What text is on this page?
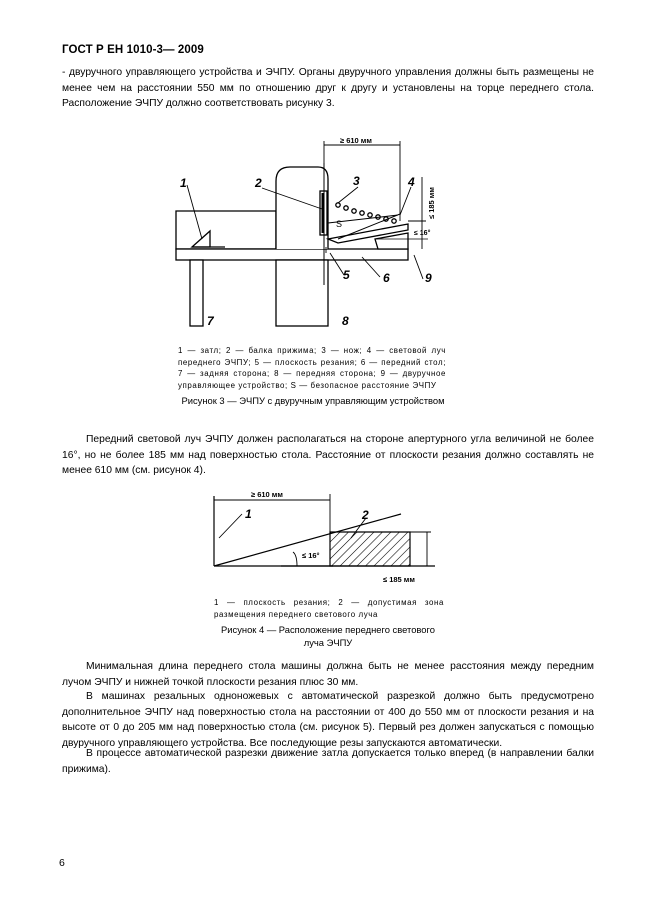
ГОСТ Р ЕН 1010-3— 2009
- двуручного управляющего устройства и ЭЧПУ. Органы двуручного управления должны быть размещены не менее чем на расстоянии 550 мм по отношению друг к другу и установлены на торце переднего стола. Расположение ЭЧПУ должно соответствовать рисунку 3.
1	2	3	4
5	6
7	8
9
S
≥ 610 мм
≤ 185 мм
≤ 16°
1 — затл; 2 — балка прижима; 3 — нож; 4 — световой луч переднего ЭЧПУ; 5 — плоскость резания; 6 — передний стол; 7 — задняя сторона; 8 — передняя сторона; 9 — двуручное управляющее устройство; S — безопасное расстояние ЭЧПУ
Рисунок 3 — ЭЧПУ с двуручным управляющим устройством
Передний световой луч ЭЧПУ должен располагаться на стороне апертурного угла величиной не более 16°, но не более 185 мм над поверхностью стола. Расстояние от плоскости резания должно составлять не менее 610 мм (см. рисунок 4).
1	2
≥ 610 мм
≤ 16°
≤ 185 мм
1 — плоскость резания; 2 — допустимая зона размещения переднего светового луча
Рисунок 4 — Расположение переднего светового луча ЭЧПУ
Минимальная длина переднего стола машины должна быть не менее расстояния между передним лучом ЭЧПУ и нижней точкой плоскости резания плюс 30 мм.
В машинах резальных одноножевых с автоматической разрезкой должно быть предусмотрено дополнительное ЭЧПУ над поверхностью стола на расстоянии от 400 до 550 мм от плоскости резания и на высоте от 0 до 205 мм над поверхностью стола (см. рисунок 5). Первый рез должен запускаться с помощью двуручного управляющего устройства. Все последующие резы запускаются автоматически.
В процессе автоматической разрезки движение затла допускается только вперед (в направлении балки прижима).
6
